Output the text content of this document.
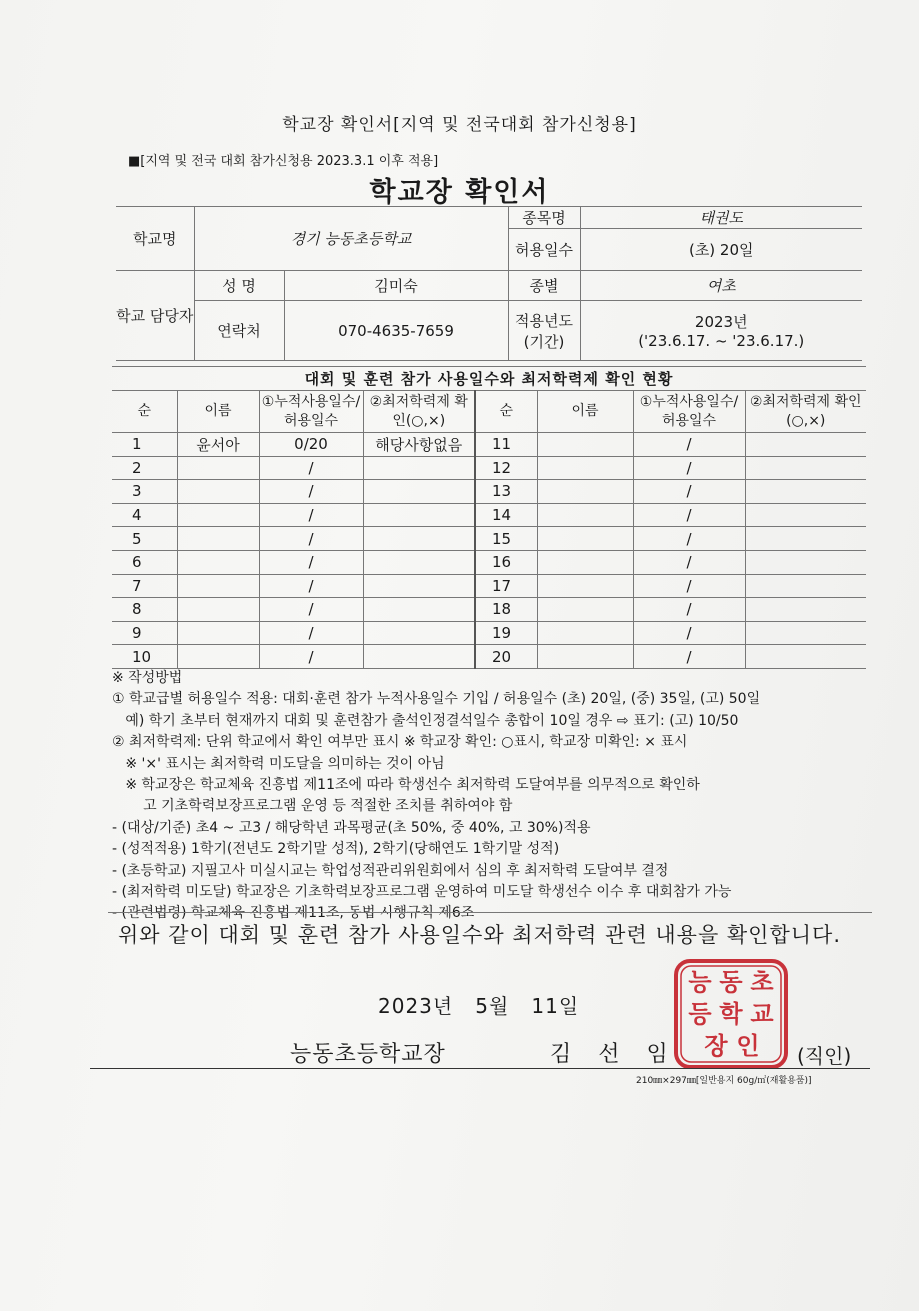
학교장 확인서[지역 및 전국대회 참가신청용]
■[지역 및 전국 대회 참가신청용 2023.3.1 이후 적용]
학교장 확인서
학교명	경기 능동초등학교		종목명	태권도
			허용일수	(초) 20일
학교 담당자	성 명	김미숙	종별	여초
	연락처	070-4635-7659	적용년도 (기간)	2023년
('23.6.17. ~ '23.6.17.)
대회 및 훈련 참가 사용일수와 최저학력제 확인 현황							
순	이름	①누적사용일수/허용일수	②최저학력제 확인(○,×)	순	이름	①누적사용일수/허용일수	②최저학력제 확인(○,×)
1	윤서아	0/20	해당사항없음	11		/	
2		/		12		/	
3		/		13		/	
4		/		14		/	
5		/		15		/	
6		/		16		/	
7		/		17		/	
8		/		18		/	
9		/		19		/	
10		/		20		/	
※ 작성방법
① 학교급별 허용일수 적용: 대회·훈련 참가 누적사용일수 기입 / 허용일수 (초) 20일, (중) 35일, (고) 50일
예) 학기 초부터 현재까지 대회 및 훈련참가 출석인정결석일수 총합이 10일 경우 ⇨ 표기: (고) 10/50
② 최저학력제: 단위 학교에서 확인 여부만 표시 ※ 학교장 확인: ○표시, 학교장 미확인: × 표시
※ '×' 표시는 최저학력 미도달을 의미하는 것이 아님
※ 학교장은 학교체육 진흥법 제11조에 따라 학생선수 최저학력 도달여부를 의무적으로 확인하
고 기초학력보장프로그램 운영 등 적절한 조치를 취하여야 함
- (대상/기준) 초4 ~ 고3 / 해당학년 과목평균(초 50%, 중 40%, 고 30%)적용
- (성적적용) 1학기(전년도 2학기말 성적), 2학기(당해연도 1학기말 성적)
- (초등학교) 지필고사 미실시교는 학업성적관리위원회에서 심의 후 최저학력 도달여부 결정
- (최저학력 미도달) 학교장은 기초학력보장프로그램 운영하여 미도달 학생선수 이수 후 대회참가 가능
- (관련법령) 학교체육 진흥법 제11조, 동법 시행규칙 제6조
위와 같이 대회 및 훈련 참가 사용일수와 최저학력 관련 내용을 확인합니다.
2023년   5월   11일
능 동 초
등 학 교
장 인
능동초등학교장	김 선 임	(직인)
210㎜×297㎜[일반용지 60g/㎡(재활용품)]
